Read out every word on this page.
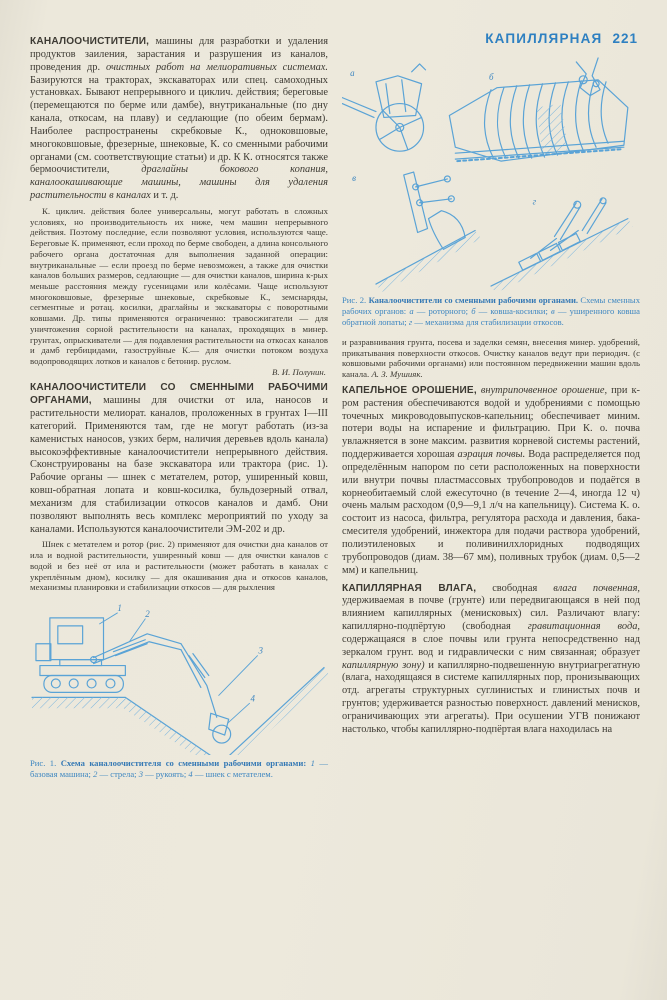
КАПИЛЛЯРНАЯ 221

КАНАЛООЧИСТИТЕЛИ, машины для разработки и удаления продуктов заиления, зарастания и разрушения из каналов, проведения др. очистных работ на мелиоративных системах. Базируются на тракторах, экскаваторах или спец. самоходных установках. Бывают непрерывного и циклич. действия; береговые (перемещаются по берме или дамбе), внутриканальные (по дну канала, откосам, на плаву) и седлающие (по обеим бермам). Наиболее распространены скребковые К., одноковшовые, многоковшовые, фрезерные, шнековые, К. со сменными рабочими органами (см. соответствующие статьи) и др. К К. относятся также бермоочистители, драглайны бокового копания, каналоокашивающие машины, машины для удаления растительности в каналах и т. д.

К. циклич. действия более универсальны, могут работать в сложных условиях, но производительность их ниже, чем машин непрерывного действия. Поэтому последние, если позволяют условия, используются чаще. Береговые К. применяют, если проход по берме свободен, а длина консольного рабочего органа достаточная для выполнения заданной операции: внутриканальные — если проезд по берме невозможен, а также для очистки каналов больших размеров, седлающие — для очистки каналов, ширина к-рых меньше расстояния между гусеницами или колёсами. Чаще используют многоковшовые, фрезерные шнековые, скребковые К., земснаряды, сегментные и ротац. косилки, драглайны и экскаваторы с поворотными ковшами. Др. типы применяются ограниченно: травосжигатели — для уничтожения сорной растительности на каналах, проходящих в минер. грунтах, опрыскиватели — для подавления растительности на откосах каналов и дамб гербицидами, газоструйные К.— для очистки потоком воздуха водопроводящих лотков и каналов с бетонир. руслом.

В. И. Полунин.

КАНАЛООЧИСТИТЕЛИ СО СМЕННЫМИ РАБОЧИМИ ОРГАНАМИ, машины для очистки от ила, наносов и растительности мелиорат. каналов, проложенных в грунтах I—III категорий. Применяются там, где не могут работать (из-за каменистых наносов, узких берм, наличия деревьев вдоль канала) высокоэффективные каналоочистители непрерывного действия. Сконструированы на базе экскаватора или трактора (рис. 1). Рабочие органы — шнек с метателем, ротор, уширенный ковш, ковш-обратная лопата и ковш-косилка, бульдозерный отвал, механизм для стабилизации откосов каналов и дамб. Они позволяют выполнять весь комплекс мероприятий по уходу за каналами. Используются каналоочистители ЭМ-202 и др.

Шнек с метателем и ротор (рис. 2) применяют для очистки дна каналов от ила и водной растительности, уширенный ковш — для очистки каналов с водой и без неё от ила и растительности (может работать в каналах с укреплённым дном), косилку — для окашивания дна и откосов каналов, механизмы планировки и стабилизации откосов — для рыхления

1
2
3
4
Рис. 1. Схема каналоочистителя со сменными рабочими органами: 1 — базовая машина; 2 — стрела; 3 — рукоять; 4 — шнек с метателем.
а	б
в
г
Рис. 2. Каналоочистители со сменными рабочими органами. Схемы сменных рабочих органов: а — роторного; б — ковша-косилки; в — уширенного ковша обратной лопаты; г — механизма для стабилизации откосов.

и разравнивания грунта, посева и заделки семян, внесения минер. удобрений, прикатывания поверхности откосов. Очистку каналов ведут при периодич. (с ковшовыми рабочими органами) или постоянном передвижении машин вдоль канала. А. З. Мушияк.

КАПЕЛЬНОЕ ОРОШЕНИЕ, внутрипочвенное орошение, при к-ром растения обеспечиваются водой и удобрениями с помощью точечных микроводовыпусков-капельниц; обеспечивает миним. потери воды на испарение и фильтрацию. При К. о. почва увлажняется в зоне максим. развития корневой системы растений, поддерживается хорошая аэрация почвы. Вода распределяется под определённым напором по сети расположенных на поверхности или внутри почвы пластмассовых трубопроводов и подаётся в корнеобитаемый слой ежесуточно (в течение 2—4, иногда 12 ч) очень малым расходом (0,9—9,1 л/ч на капельницу). Система К. о. состоит из насоса, фильтра, регулятора расхода и давления, бака-смесителя удобрений, инжектора для подачи раствора удобрений, полиэтиленовых и поливинилхлоридных подводящих трубопроводов (диам. 38—67 мм), поливных трубок (диам. 0,5—2 мм) и капельниц.

КАПИЛЛЯРНАЯ ВЛАГА, свободная влага почвенная, удерживаемая в почве (грунте) или передвигающаяся в ней под влиянием капиллярных (менисковых) сил. Различают влагу: капиллярно-подпёртую (свободная гравитационная вода, содержащаяся в слое почвы или грунта непосредственно над зеркалом грунт. вод и гидравлически с ним связанная; образует капиллярную зону) и капиллярно-подвешенную внутриагрегатную (влага, находящаяся в системе капиллярных пор, пронизывающих отд. агрегаты структурных суглинистых и глинистых почв и грунтов; удерживается разностью поверхност. давлений менисков, ограничивающих эти агрегаты). При осушении УГВ понижают настолько, чтобы капиллярно-подпёртая влага находилась на
